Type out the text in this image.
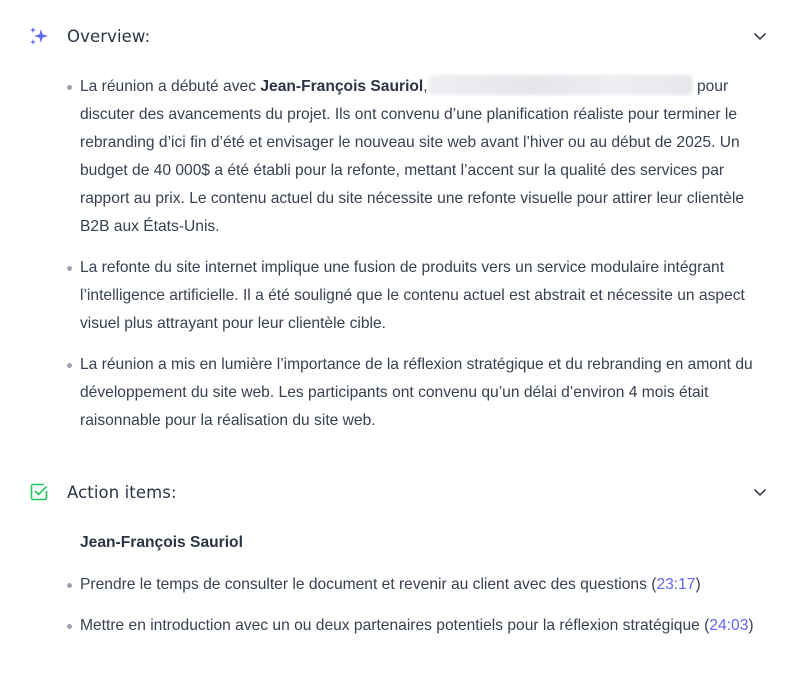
Overview:
La réunion a débuté avec Jean-François Sauriol,	pour discuter des avancements du projet. Ils ont convenu d’une planification réaliste pour terminer le rebranding d’ici fin d’été et envisager le nouveau site web avant l’hiver ou au début de 2025. Un budget de 40 000$ a été établi pour la refonte, mettant l’accent sur la qualité des services par rapport au prix. Le contenu actuel du site nécessite une refonte visuelle pour attirer leur clientèle B2B aux États-Unis.
La refonte du site internet implique une fusion de produits vers un service modulaire intégrant l’intelligence artificielle. Il a été souligné que le contenu actuel est abstrait et nécessite un aspect visuel plus attrayant pour leur clientèle cible.
La réunion a mis en lumière l’importance de la réflexion stratégique et du rebranding en amont du développement du site web. Les participants ont convenu qu’un délai d’environ 4 mois était raisonnable pour la réalisation du site web.
Action items:
Jean-François Sauriol
Prendre le temps de consulter le document et revenir au client avec des questions (23:17)
Mettre en introduction avec un ou deux partenaires potentiels pour la réflexion stratégique (24:03)
